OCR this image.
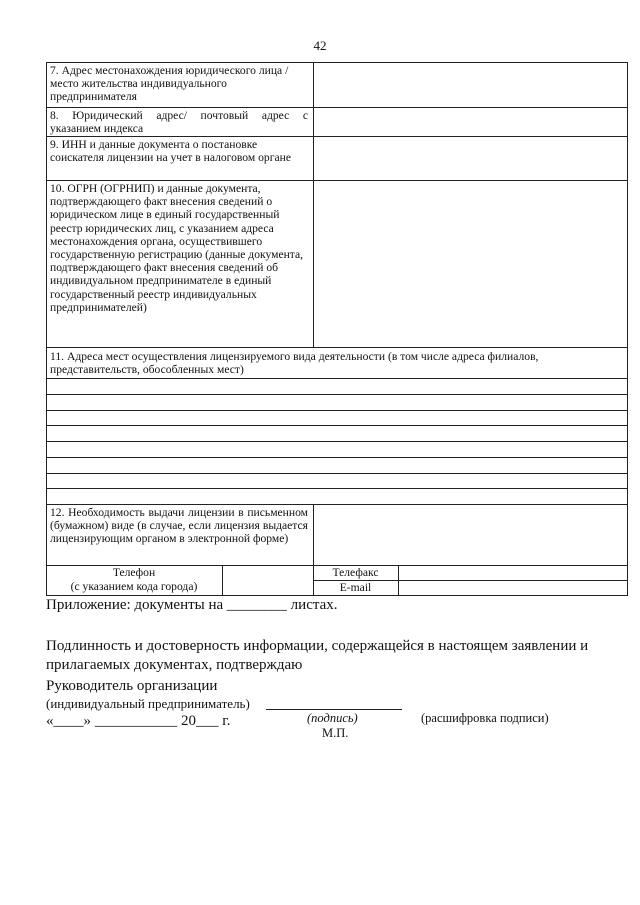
42
7. Адрес местонахождения юридического лица / место жительства индивидуального предпринимателя
8. Юридический адрес/ почтовый адрес с указанием индекса
9. ИНН и данные документа о постановке соискателя лицензии на учет в налоговом органе
10. ОГРН (ОГРНИП) и данные документа, подтверждающего факт внесения сведений о юридическом лице в единый государственный реестр юридических лиц, с указанием адреса местонахождения органа, осуществившего государственную регистрацию (данные документа, подтверждающего факт внесения сведений об индивидуальном предпринимателе в единый государственный реестр индивидуальных предпринимателей)
11. Адреса мест осуществления лицензируемого вида деятельности (в том числе адреса филиалов, представительств, обособленных мест)
12. Необходимость выдачи лицензии в письменном (бумажном) виде (в случае, если лицензия выдается лицензирующим органом в электронной форме)
Телефон
(с указанием кода города)
Телефакс
E-mail
Приложение: документы на ________ листах.
Подлинность и достоверность информации, содержащейся в настоящем заявлении и прилагаемых документах, подтверждаю
Руководитель организации
(индивидуальный предприниматель)
«____» ___________ 20___ г.	(подпись)	(расшифровка подписи)
М.П.
